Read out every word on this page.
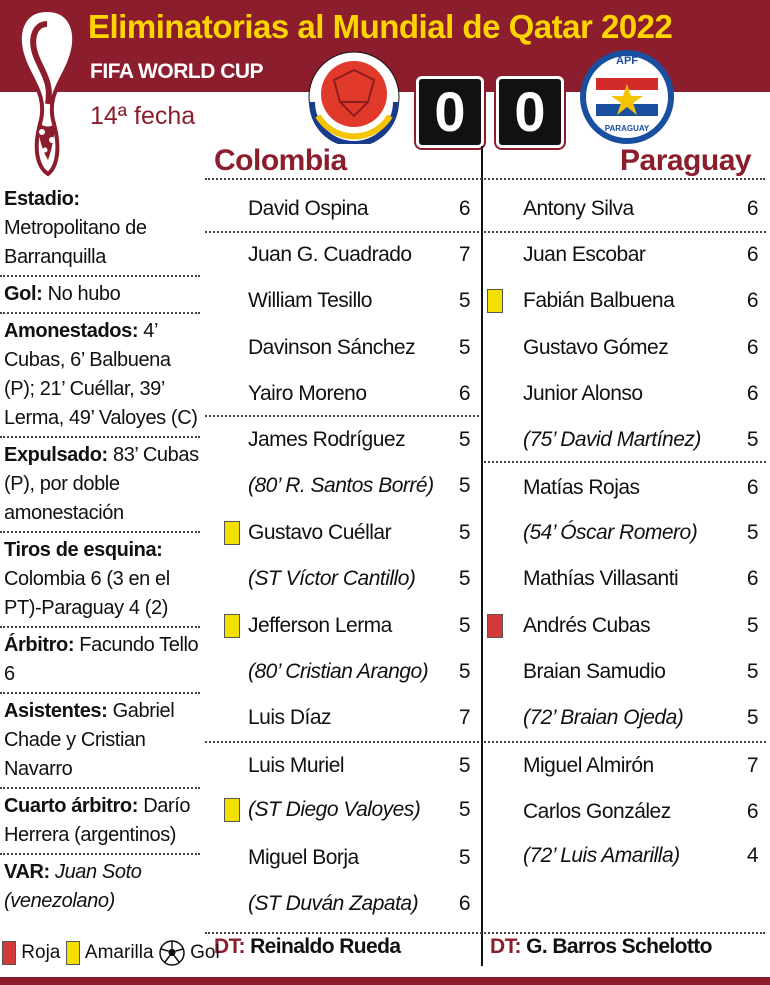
Eliminatorias al Mundial de Qatar 2022
FIFA WORLD CUP
14ª fecha
APF
PARAGUAY
0 0
Colombia	Paraguay
Estadio: Metropolitano de Barranquilla
Gol: No hubo
Amonestados: 4’ Cubas, 6’ Balbuena (P); 21’ Cuéllar, 39’ Lerma, 49’ Valoyes (C)
Expulsado: 83’ Cubas (P), por doble amonestación
Tiros de esquina: Colombia 6 (3 en el PT)-Paraguay 4 (2)
Árbitro: Facundo Tello 6
Asistentes: Gabriel Chade y Cristian Navarro
Cuarto árbitro: Darío Herrera (argentinos)
VAR: Juan Soto (venezolano)
David Ospina	6
Juan G. Cuadrado 7
William Tesillo	5
Davinson Sánchez 5
Yairo Moreno	6
James Rodríguez	5
(80’ R. Santos Borré) 5
Gustavo Cuéllar	5
(ST Víctor Cantillo) 5
Jefferson Lerma	5
(80’ Cristian Arango) 5
Luis Díaz	7
Luis Muriel	5
(ST Diego Valoyes) 5
Miguel Borja	5
(ST Duván Zapata) 6
Antony Silva	6
Juan Escobar	6
Fabián Balbuena	6
Gustavo Gómez	6
Junior Alonso	6
(75’ David Martínez) 5
Matías Rojas	6
(54’ Óscar Romero) 5
Mathías Villasanti	6
Andrés Cubas	5
Braian Samudio	5
(72’ Braian Ojeda)	5
Miguel Almirón	7
Carlos González	6
(72’ Luis Amarilla)	4
DT: Reinaldo Rueda	DT: G. Barros Schelotto
Roja Amarilla Gol
